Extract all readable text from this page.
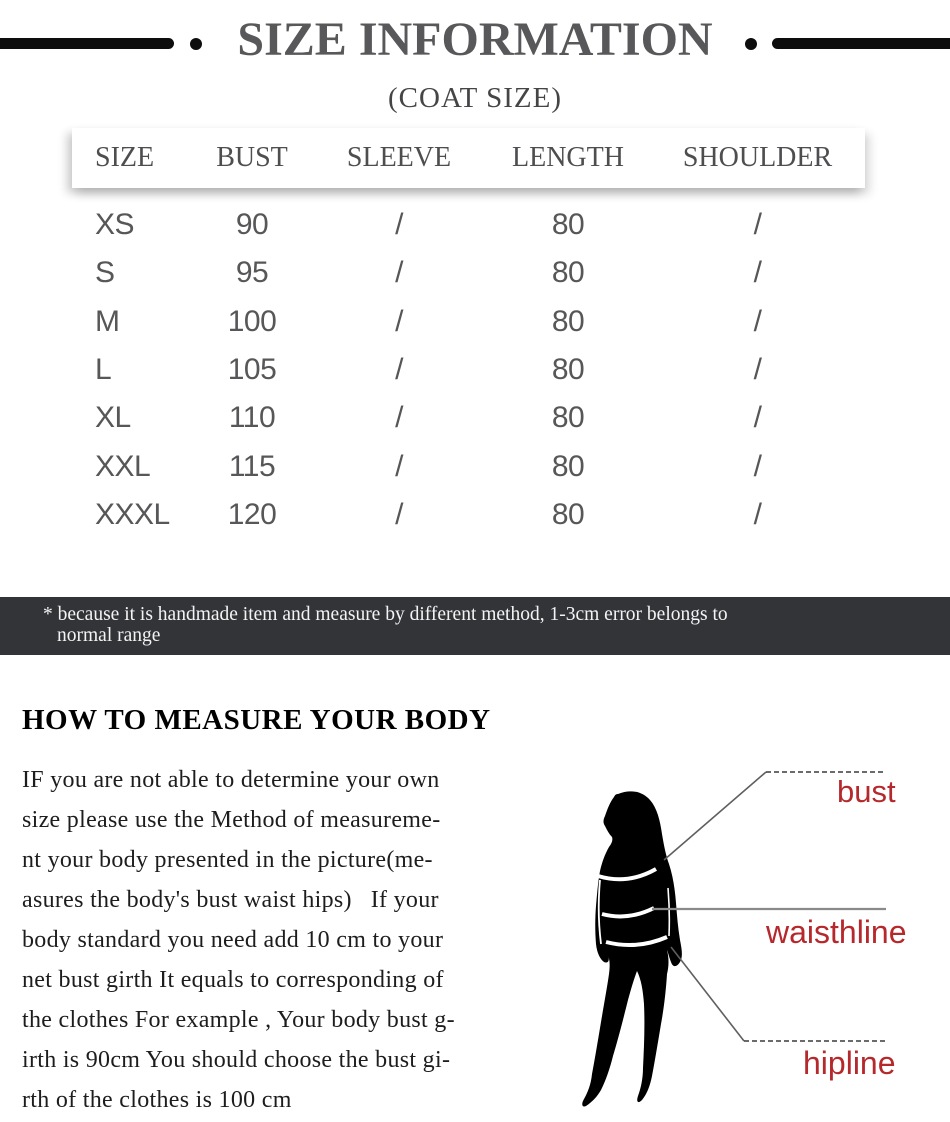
SIZE INFORMATION
(COAT SIZE)
SIZE	BUST	SLEEVE	LENGTH	SHOULDER
XS	90	/	80	/
S	95	/	80	/
M	100	/	80	/
L	105	/	80	/
XL	110	/	80	/
XXL	115	/	80	/
XXXL	120	/	80	/
* because it is handmade item and measure by different method, 1-3cm error belongs to
normal range
HOW TO MEASURE YOUR BODY
IF you are not able to determine your own
size please use the Method of measureme-
nt your body presented in the picture(me-
asures the body's bust waist hips)   If your
body standard you need add 10 cm to your
net bust girth It equals to corresponding of
the clothes For example , Your body bust g-
irth is 90cm You should choose the bust gi-
rth of the clothes is 100 cm
bust
waisthline
hipline
